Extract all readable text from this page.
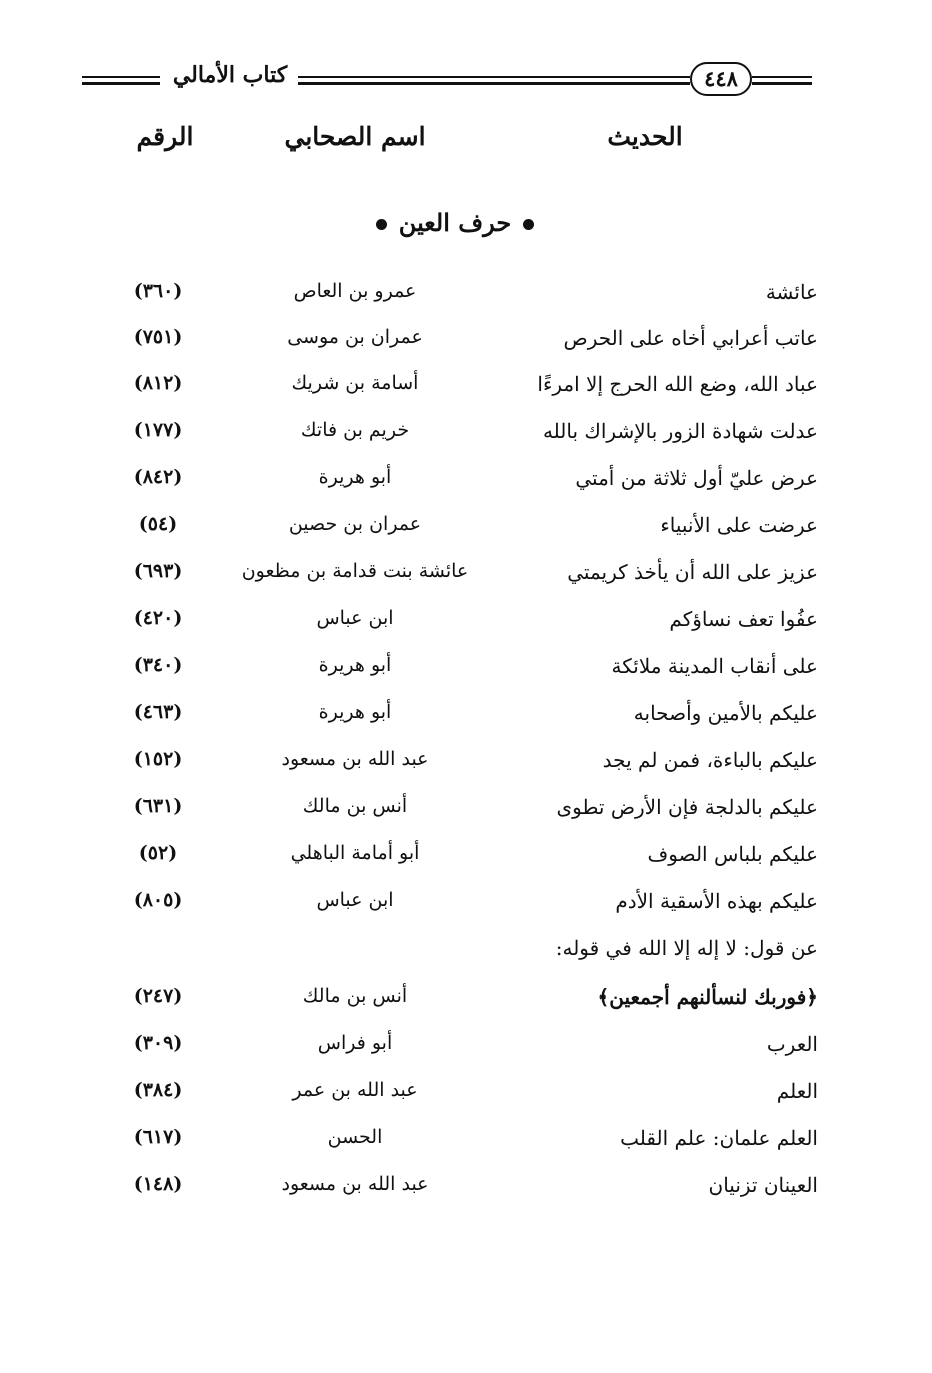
كتاب الأمالي	٤٤٨
الحديث
اسم الصحابي
الرقم
حرف العين
عائشة
عمرو بن العاص
(٣٦٠)
عاتب أعرابي أخاه على الحرص
عمران بن موسى
(٧٥١)
عباد الله، وضع الله الحرج إلا امرءًا
أسامة بن شريك
(٨١٢)
عدلت شهادة الزور بالإشراك بالله
خريم بن فاتك
(١٧٧)
عرض عليّ أول ثلاثة من أمتي
أبو هريرة
(٨٤٢)
عرضت على الأنبياء
عمران بن حصين
(٥٤)
عزيز على الله أن يأخذ كريمتي
عائشة بنت قدامة بن مظعون
(٦٩٣)
عفُوا تعف نساؤكم
ابن عباس
(٤٢٠)
على أنقاب المدينة ملائكة
أبو هريرة
(٣٤٠)
عليكم بالأمين وأصحابه
أبو هريرة
(٤٦٣)
عليكم بالباءة، فمن لم يجد
عبد الله بن مسعود
(١٥٢)
عليكم بالدلجة فإن الأرض تطوى
أنس بن مالك
(٦٣١)
عليكم بلباس الصوف
أبو أمامة الباهلي
(٥٢)
عليكم بهذه الأسقية الأدم
ابن عباس
(٨٠٥)
عن قول: لا إله إلا الله في قوله:
﴿فوربك لنسألنهم أجمعين﴾
أنس بن مالك
(٢٤٧)
العرب
أبو فراس
(٣٠٩)
العلم
عبد الله بن عمر
(٣٨٤)
العلم علمان: علم القلب
الحسن
(٦١٧)
العينان تزنيان
عبد الله بن مسعود
(١٤٨)
